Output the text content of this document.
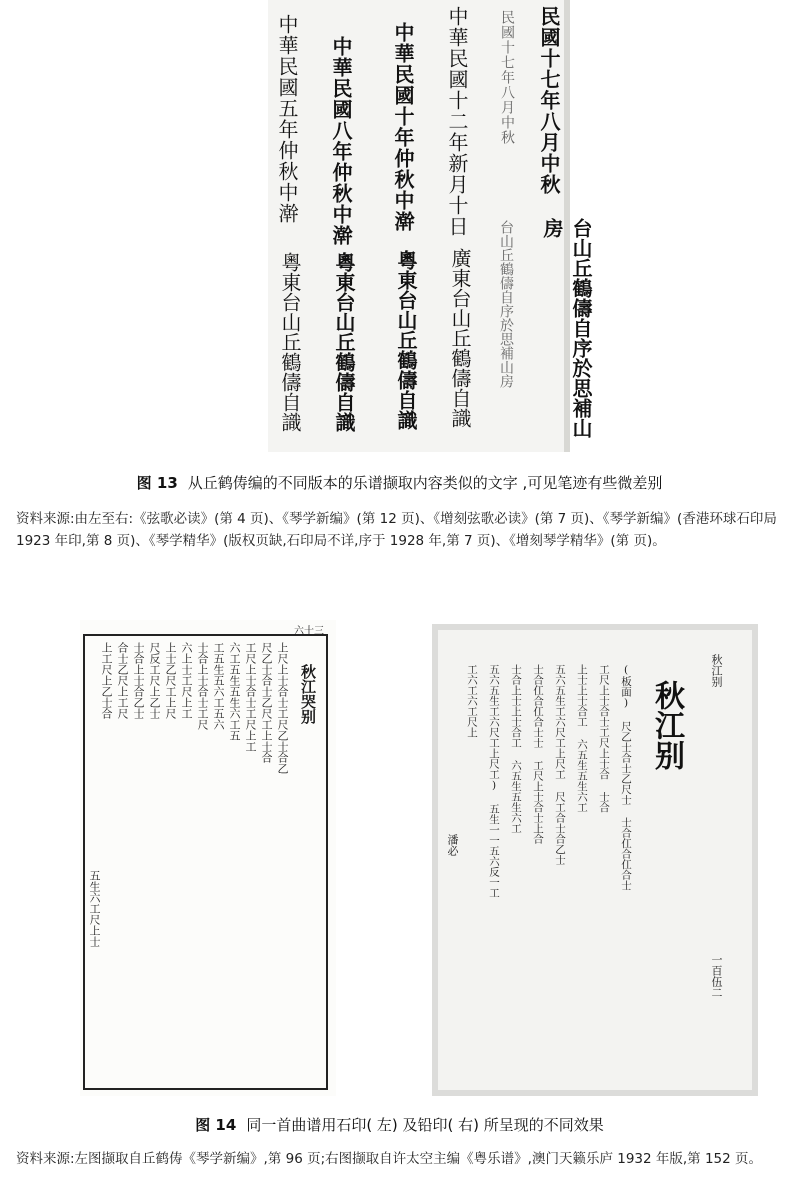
民國十七年八月中秋
台山丘鶴儔自序於思補山房
民國十七年八月中秋
台山丘鶴儔自序於思補山房
中華民國十二年新月十日
廣東台山丘鶴儔自識
中華民國十年仲秋中澣
粵東台山丘鶴儔自識
中華民國八年仲秋中澣
粵東台山丘鶴儔自識
中華民國五年仲秋中澣
粵東台山丘鶴儔自識
图 13 从丘鹤俦编的不同版本的乐谱撷取内容类似的文字 ,可见笔迹有些微差别
资料来源:由左至右:《弦歌必读》(第 4 页)、《琴学新编》(第 12 页)、《增刻弦歌必读》(第 7 页)、《琴学新编》(香港环球石印局 1923 年印,第 8 页)、《琴学精华》(版权页缺,石印局不详,序于 1928 年,第 7 页)、《增刻琴学精华》(第 页)。
六十三
秋江哭别
上尺上士合士工尺乙士合乙
尺乙士合士乙尺工上士合
工尺上士合士工尺上工
六工五生五生六工五
工五生五六工五六
士合上士合士工尺
六上士工尺上工
上士乙尺工上尺
尺反工尺上乙士
士合上士合乙士
合士乙尺上工尺
上工尺上乙士合
五生六工尺上士
秋江别
秋江别
一百伍二
(板面) 尺乙士合士乙尺士 士合仜合仜合士
工尺上士合士工尺上士合 士合
上士上士合工 六五生五生六工
五六五生工六尺工上尺工 尺工合士合乙士
士合仜合仜合士士 工尺上士合士上合
士合上士上士合工 六五生五生六工
五六五生工六尺工上尺工) 五生一一五六反一工
工六工六工尺上
潘必
图 14 同一首曲谱用石印( 左) 及铅印( 右) 所呈现的不同效果
资料来源:左图撷取自丘鹤俦《琴学新编》,第 96 页;右图撷取自许太空主编《粤乐谱》,澳门天籁乐庐 1932 年版,第 152 页。
